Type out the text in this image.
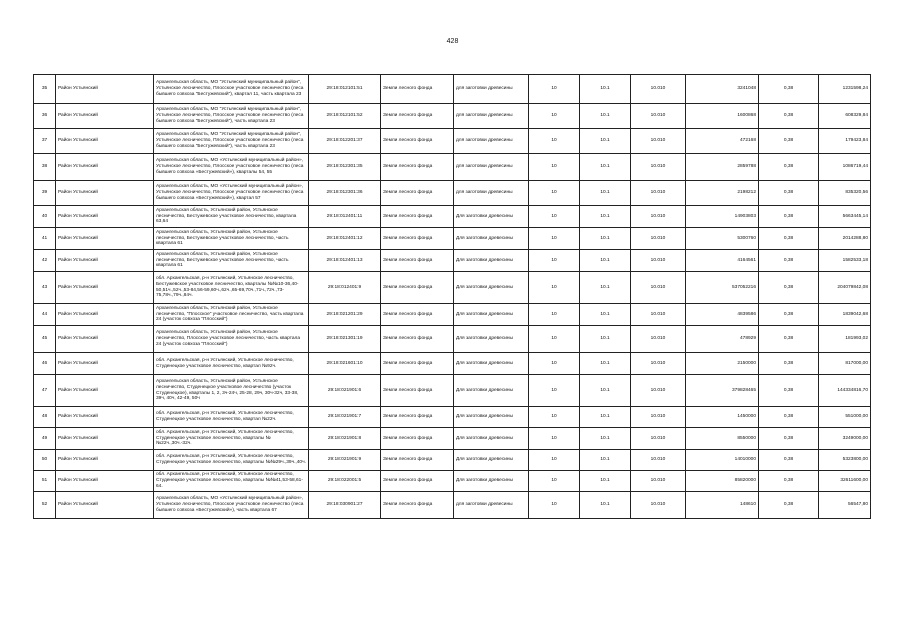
428
35	Район Устьянский	Архангельская область, МО "Устьянский муниципальный район", Устьянское лесничество, Плосское участковое лесничество (леса бывшего совхоза "Бестужевский"), квартал 11, часть квартала 23	29:18:012101:51	Земли лесного фонда	для заготовки древесины	10	10.1	10.010	3241048	0,38	1231598,24
36	Район Устьянский	Архангельская область, МО "Устьянский муниципальный район", Устьянское лесничество, Плосское участковое лесничество (леса бывшего совхоза "Бестужевский"), часть квартала 23	29:18:012101:52	Земли лесного фонда	для заготовки древесины	10	10.1	10.010	1600868	0,38	608329,84
37	Район Устьянский	Архангельская область, МО "Устьянский муниципальный район", Устьянское лесничество, Плосское участковое лесничество (леса бывшего совхоза "Бестужевский"), часть квартала 23	29:18:012201:37	Земли лесного фонда	для заготовки древесины	10	10.1	10.010	472168	0,38	179423,84
38	Район Устьянский	Архангельская область, МО «Устьянский муниципальный район», Устьянское лесничество, Плосское участковое лесничество (леса бывшего совхоза «Бестужевский»), кварталы 54, 55	29:18:012301:35	Земли лесного фонда	для заготовки древесины	10	10.1	10.010	2859788	0,38	1086719,44
39	Район Устьянский	Архангельская область, МО «Устьянский муниципальный район», Устьянское лесничество, Плосское участковое лесничество (леса бывшего совхоза «Бестужевский»), квартал 57	29:18:012301:36	Земли лесного фонда	для заготовки древесины	10	10.1	10.010	2198212	0,38	835320,56
40	Район Устьянский	Архангельская область, Устьянский район, Устьянское лесничество, Бестужевское участковое лесничество, квартала 63,64	29:18:012401:11	Земли лесного фонда	Для заготовки древесины	10	10.1	10.010	14903803	0,38	5663445,14
41	Район Устьянский	Архангельская область, Устьянский район, Устьянское лесничество, Бестужевское участковое лесничество, часть квартала 61	29:18:012401:12	Земли лесного фонда	Для заготовки древесины	10	10.1	10.010	5300760	0,38	2014288,80
42	Район Устьянский	Архангельская область, Устьянский район, Устьянское лесничество, Бестужевское участковое лесничество, часть квартала 61	29:18:012401:13	Земли лесного фонда	Для заготовки древесины	10	10.1	10.010	4164561	0,38	1582533,18
43	Район Устьянский	обл. Архангельская, р-н Устьянский, Устьянское лесничество, Бестужевское участковое лесничество, кварталы №№10-36,40-50,51ч.,52ч.,53-84,56-59,60ч.,62ч.,65-69,70ч.,71ч.,72ч.,73-75,78ч.,79ч.,84ч.	29:18:012401:9	Земли лесного фонда	Для заготовки древесины	10	10.1	10.010	537052216	0,38	204079842,08
44	Район Устьянский	Архангельская область, Устьянский район, Устьянское лесничество, "Плосское" участковое лесничество, часть квартала 24 (участок совхоза "Плосский")	29:18:021201:29	Земли лесного фонда	Для заготовки древесины	10	10.1	10.010	4839586	0,38	1839042,68
45	Район Устьянский	Архангельская область, Устьянский район, Устьянское лесничество, Плосское участковое лесничество, часть квартала 24 (участок совхоза "Плосский")	29:18:021301:19	Земли лесного фонда	Для заготовки древесины	10	10.1	10.010	478929	0,38	181993,02
46	Район Устьянский	обл. Архангельская, р-н Устьянский, Устьянское лесничество, Студенецкое участковое лесничество, квартал №92ч.	29:18:021601:10	Земли лесного фонда	Для заготовки древесины	10	10.1	10.010	2150000	0,38	817000,00
47	Район Устьянский	Архангельская область, Устьянский район, Устьянское лесничество, Студенецкое участковое лесничество (участок Студенецкое), кварталы 1, 2, 3ч-24ч, 25-28, 29ч, 30ч-32ч, 33-38, 39ч, 40ч, 42-49, 50ч	29:18:021901:6	Земли лесного фонда	Для заготовки древесины	10	10.1	10.010	379828465	0,38	144334816,70
48	Район Устьянский	обл. Архангельская, р-н Устьянский, Устьянское лесничество, Студенецкое участковое лесничество, квартал №22ч.	29:18:021901:7	Земли лесного фонда	Для заготовки древесины	10	10.1	10.010	1450000	0,38	551000,00
49	Район Устьянский	обл. Архангельская, р-н Устьянский, Устьянское лесничество, Студенецкое участковое лесничество, кварталы №№22ч.,30ч.-32ч.	29:18:021901:8	Земли лесного фонда	Для заготовки древесины	10	10.1	10.010	8550000	0,38	3249000,00
50	Район Устьянский	обл. Архангельская, р-н Устьянский, Устьянское лесничество, Студенецкое участковое лесничество, кварталы №№29ч.,39ч.,40ч.	29:18:021901:9	Земли лесного фонда	Для заготовки древесины	10	10.1	10.010	14010000	0,38	5323800,00
51	Район Устьянский	обл. Архангельская, р-н Устьянский, Устьянское лесничество, Студенецкое участковое лесничество, кварталы №№41,53-58,61-64.	29:18:022001:5	Земли лесного фонда	Для заготовки древесины	10	10.1	10.010	85820000	0,38	32611600,00
52	Район Устьянский	Архангельская область, МО «Устьянский муниципальный район», Устьянское лесничество, Плосское участковое лесничество (леса бывшего совхоза «Бестужевский»), часть квартала 67	29:18:030901:27	Земли лесного фонда	для заготовки древесины	10	10.1	10.010	148610	0,38	56547,80
